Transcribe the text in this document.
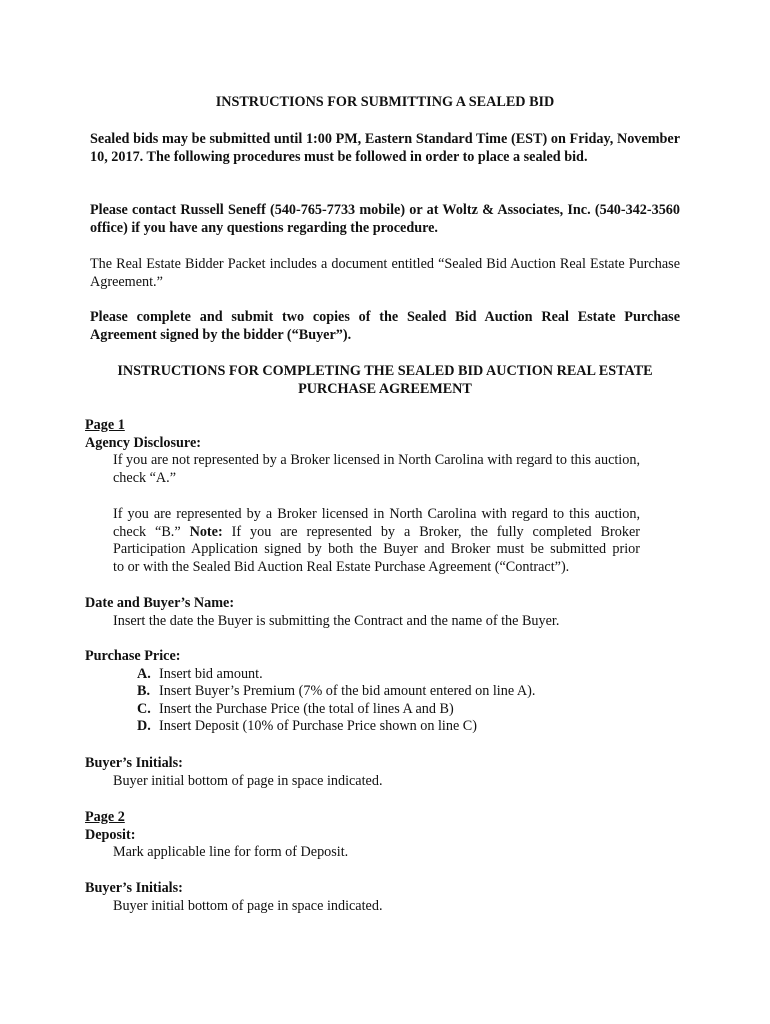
INSTRUCTIONS FOR SUBMITTING A SEALED BID

Sealed bids may be submitted until 1:00 PM, Eastern Standard Time (EST) on Friday, November 10, 2017. The following procedures must be followed in order to place a sealed bid.

Please contact Russell Seneff (540-765-7733 mobile) or at Woltz & Associates, Inc. (540-342-3560 office) if you have any questions regarding the procedure.

The Real Estate Bidder Packet includes a document entitled “Sealed Bid Auction Real Estate Purchase Agreement.”

Please complete and submit two copies of the Sealed Bid Auction Real Estate Purchase Agreement signed by the bidder (“Buyer”).

INSTRUCTIONS FOR COMPLETING THE SEALED BID AUCTION REAL ESTATE
PURCHASE AGREEMENT
Page 1
Agency Disclosure:

If you are not represented by a Broker licensed in North Carolina with regard to this auction, check “A.”

If you are represented by a Broker licensed in North Carolina with regard to this auction,
check “B.” Note: If you are represented by a Broker, the fully completed Broker
Participation Application signed by both the Buyer and Broker must be submitted prior
to or with the Sealed Bid Auction Real Estate Purchase Agreement (“Contract”).
Date and Buyer’s Name:
Insert the date the Buyer is submitting the Contract and the name of the Buyer.
Purchase Price:
A. Insert bid amount.
B. Insert Buyer’s Premium (7% of the bid amount entered on line A).
C. Insert the Purchase Price (the total of lines A and B)
D. Insert Deposit (10% of Purchase Price shown on line C)
Buyer’s Initials:
Buyer initial bottom of page in space indicated.
Page 2
Deposit:
Mark applicable line for form of Deposit.
Buyer’s Initials:
Buyer initial bottom of page in space indicated.
